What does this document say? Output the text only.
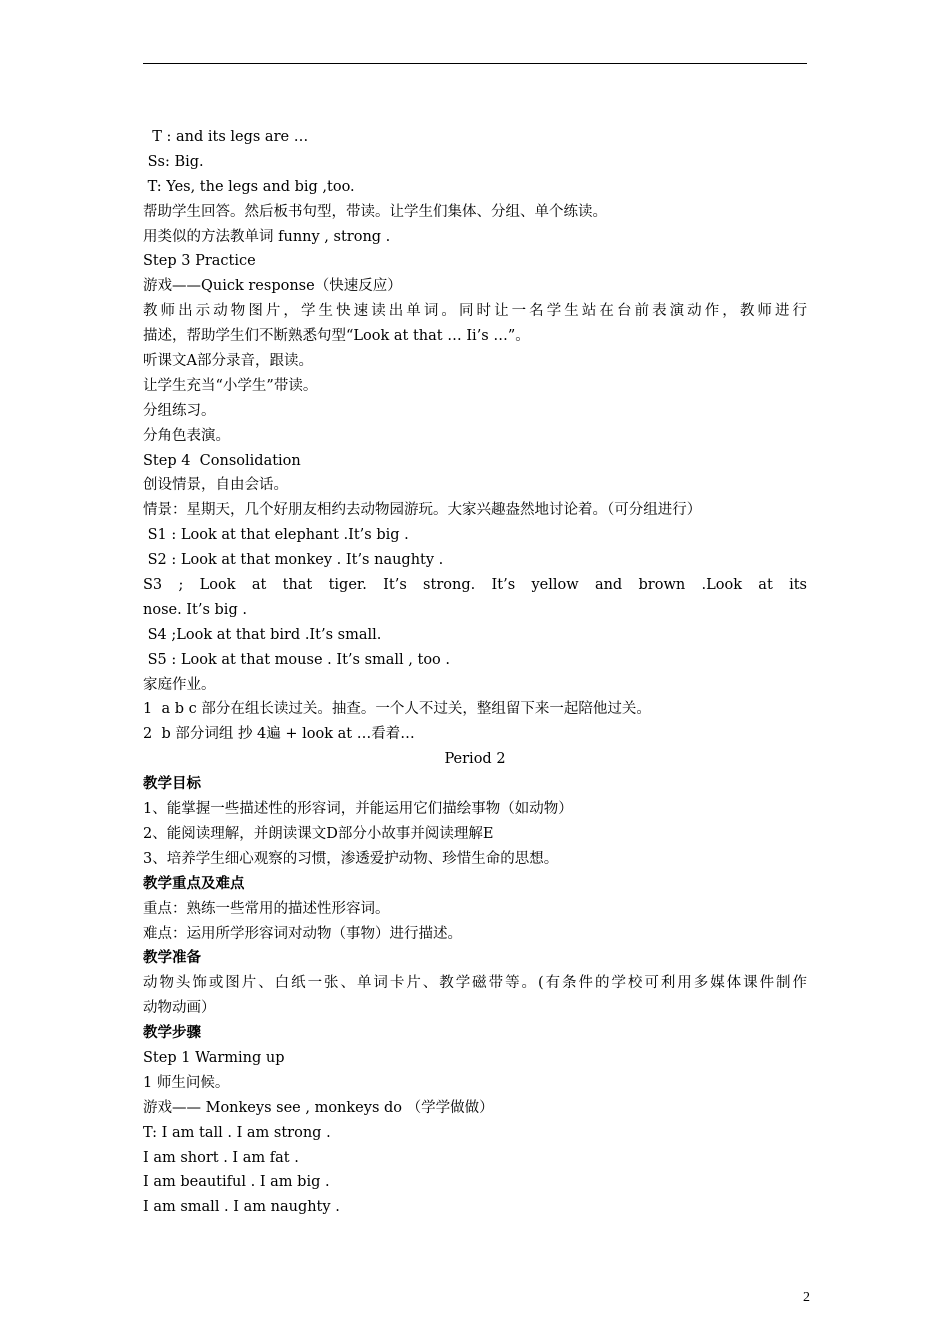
T : and its legs are …
Ss: Big.
T: Yes, the legs and big ,too.
帮助学生回答。然后板书句型，带读。让学生们集体、分组、单个练读。
用类似的方法教单词 funny , strong .
Step 3 Practice
游戏——Quick response（快速反应）
教师出示动物图片，学生快速读出单词。同时让一名学生站在台前表演动作，教师进行
描述，帮助学生们不断熟悉句型“Look at that … Ii’s …”。
听课文A部分录音，跟读。
让学生充当“小学生”带读。
分组练习。
分角色表演。
Step 4  Consolidation
创设情景，自由会话。
情景：星期天，几个好朋友相约去动物园游玩。大家兴趣盎然地讨论着。（可分组进行）
S1 : Look at that elephant .It’s big .
S2 : Look at that monkey . It’s naughty .
S3 ; Look at that tiger. It’s strong. It’s yellow and brown .Look at its
nose. It’s big .
S4 ;Look at that bird .It’s small.
S5 : Look at that mouse . It’s small , too .
家庭作业。
1  a b c 部分在组长读过关。抽查。一个人不过关，整组留下来一起陪他过关。
2  b 部分词组 抄 4遍 + look at …看着…
Period 2
教学目标
1、能掌握一些描述性的形容词，并能运用它们描绘事物（如动物）
2、能阅读理解，并朗读课文D部分小故事并阅读理解E
3、培养学生细心观察的习惯，渗透爱护动物、珍惜生命的思想。
教学重点及难点
重点：熟练一些常用的描述性形容词。
难点：运用所学形容词对动物（事物）进行描述。
教学准备
动物头饰或图片、白纸一张、单词卡片、教学磁带等。(有条件的学校可利用多媒体课件制作
动物动画）
教学步骤
Step 1 Warming up
1 师生问候。
游戏—— Monkeys see , monkeys do （学学做做）
T: I am tall . I am strong .
I am short . I am fat .
I am beautiful . I am big .
I am small . I am naughty .
2
